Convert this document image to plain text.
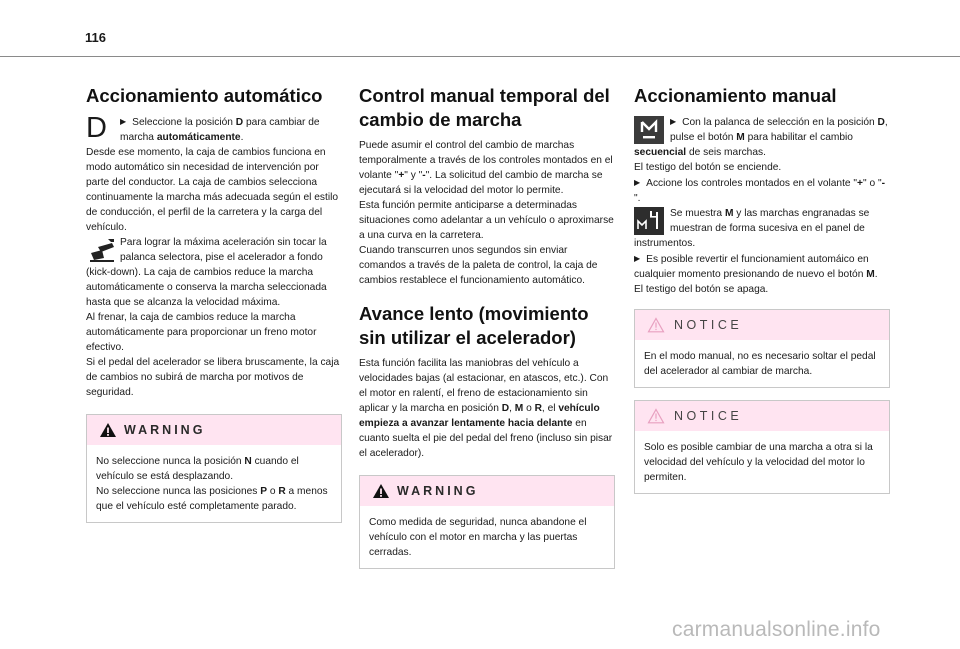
116
Accionamiento automático
D	▶ Seleccione la posición D para cambiar de marcha automáticamente.

Desde ese momento, la caja de cambios funciona en modo automático sin necesidad de intervención por parte del conductor. La caja de cambios selecciona continuamente la marcha más adecuada según el estilo de conducción, el perfil de la carretera y la carga del vehículo.

Para lograr la máxima aceleración sin tocar la palanca selectora, pise el acelerador a fondo (kick-down). La caja de cambios reduce la marcha automáticamente o conserva la marcha seleccionada hasta que se alcanza la velocidad máxima.

Al frenar, la caja de cambios reduce la marcha automáticamente para proporcionar un freno motor efectivo.

Si el pedal del acelerador se libera bruscamente, la caja de cambios no subirá de marcha por motivos de seguridad.

WARNING

No seleccione nunca la posición N cuando el vehículo se está desplazando.

No seleccione nunca las posiciones P o R a menos que el vehículo esté completamente parado.

Control manual temporal del cambio de marcha

Puede asumir el control del cambio de marchas temporalmente a través de los controles montados en el volante "+" y "-". La solicitud del cambio de marcha se ejecutará si la velocidad del motor lo permite.

Esta función permite anticiparse a determinadas situaciones como adelantar a un vehículo o aproximarse a una curva en la carretera.

Cuando transcurren unos segundos sin enviar comandos a través de la paleta de control, la caja de cambios restablece el funcionamiento automático.

Avance lento (movimiento sin utilizar el acelerador)

Esta función facilita las maniobras del vehículo a velocidades bajas (al estacionar, en atascos, etc.). Con el motor en ralentí, el freno de estacionamiento sin aplicar y la marcha en posición D, M o R, el vehículo empieza a avanzar lentamente hacia delante en cuanto suelta el pie del pedal del freno (incluso sin pisar el acelerador).

WARNING

Como medida de seguridad, nunca abandone el vehículo con el motor en marcha y las puertas cerradas.

Accionamiento manual

▶ Con la palanca de selección en la posición D, pulse el botón M para habilitar el cambio secuencial de seis marchas.

El testigo del botón se enciende.

▶ Accione los controles montados en el volante "+" o "-".

Se muestra M y las marchas engranadas se muestran de forma sucesiva en el panel de instrumentos.

▶ Es posible revertir el funcionamient automáico en cualquier momento presionando de nuevo el botón M.

El testigo del botón se apaga.

NOTICE

En el modo manual, no es necesario soltar el pedal del acelerador al cambiar de marcha.

NOTICE

Solo es posible cambiar de una marcha a otra si la velocidad del vehículo y la velocidad del motor lo permiten.

carmanualsonline.info
